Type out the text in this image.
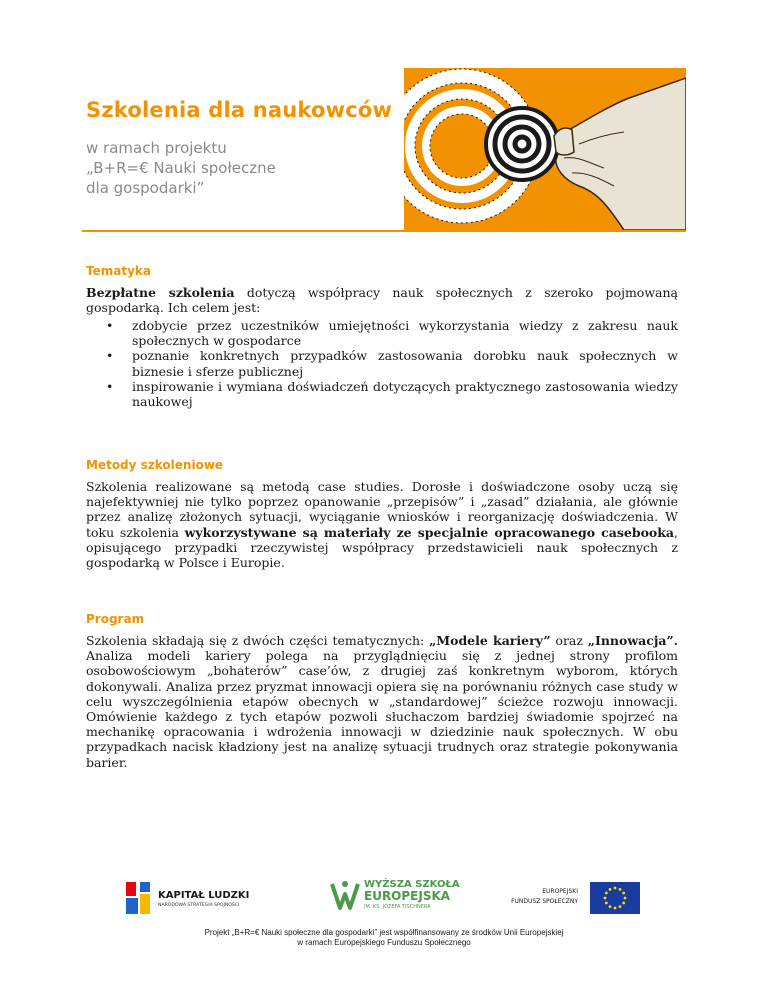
Szkolenia dla naukowców
w ramach projektu
„B+R=€ Nauki społeczne
dla gospodarki”
Tematyka
Bezpłatne szkolenia dotyczą współpracy nauk społecznych z szeroko pojmowaną gospodarką. Ich celem jest:
• zdobycie przez uczestników umiejętności wykorzystania wiedzy z zakresu nauk społecznych w gospodarce
• poznanie konkretnych przypadków zastosowania dorobku nauk społecznych w biznesie i sferze publicznej
• inspirowanie i wymiana doświadczeń dotyczących praktycznego zastosowania wiedzy naukowej
Metody szkoleniowe
Szkolenia realizowane są metodą case studies. Dorosłe i doświadczone osoby uczą się najefektywniej nie tylko poprzez opanowanie „przepisów” i „zasad” działania, ale głównie przez analizę złożonych sytuacji, wyciąganie wniosków i reorganizację doświadczenia. W toku szkolenia wykorzystywane są materiały ze specjalnie opracowanego casebooka, opisującego przypadki rzeczywistej współpracy przedstawicieli nauk społecznych z gospodarką w Polsce i Europie.
Program
Szkolenia składają się z dwóch części tematycznych: „Modele kariery” oraz „Innowacja”. Analiza modeli kariery polega na przyglądnięciu się z jednej strony profilom osobowościowym „bohaterów” case’ów, z drugiej zaś konkretnym wyborom, których dokonywali. Analiza przez pryzmat innowacji opiera się na porównaniu różnych case study w celu wyszczególnienia etapów obecnych w „standardowej” ścieżce rozwoju innowacji. Omówienie każdego z tych etapów pozwoli słuchaczom bardziej świadomie spojrzeć na mechanikę opracowania i wdrożenia innowacji w dziedzinie nauk społecznych. W obu przypadkach nacisk kładziony jest na analizę sytuacji trudnych oraz strategie pokonywania barier.
KAPITAŁ LUDZKI
NARODOWA STRATEGIA SPÓJNOŚCI
WYŻSZA SZKOŁA
EUROPEJSKA
IM. KS. JÓZEFA TISCHNERA
EUROPEJSKI
FUNDUSZ SPOŁECZNY
Projekt „B+R=€ Nauki społeczne dla gospodarki” jest współfinansowany ze środków Unii Europejskiej
w ramach Europejskiego Funduszu Społecznego
